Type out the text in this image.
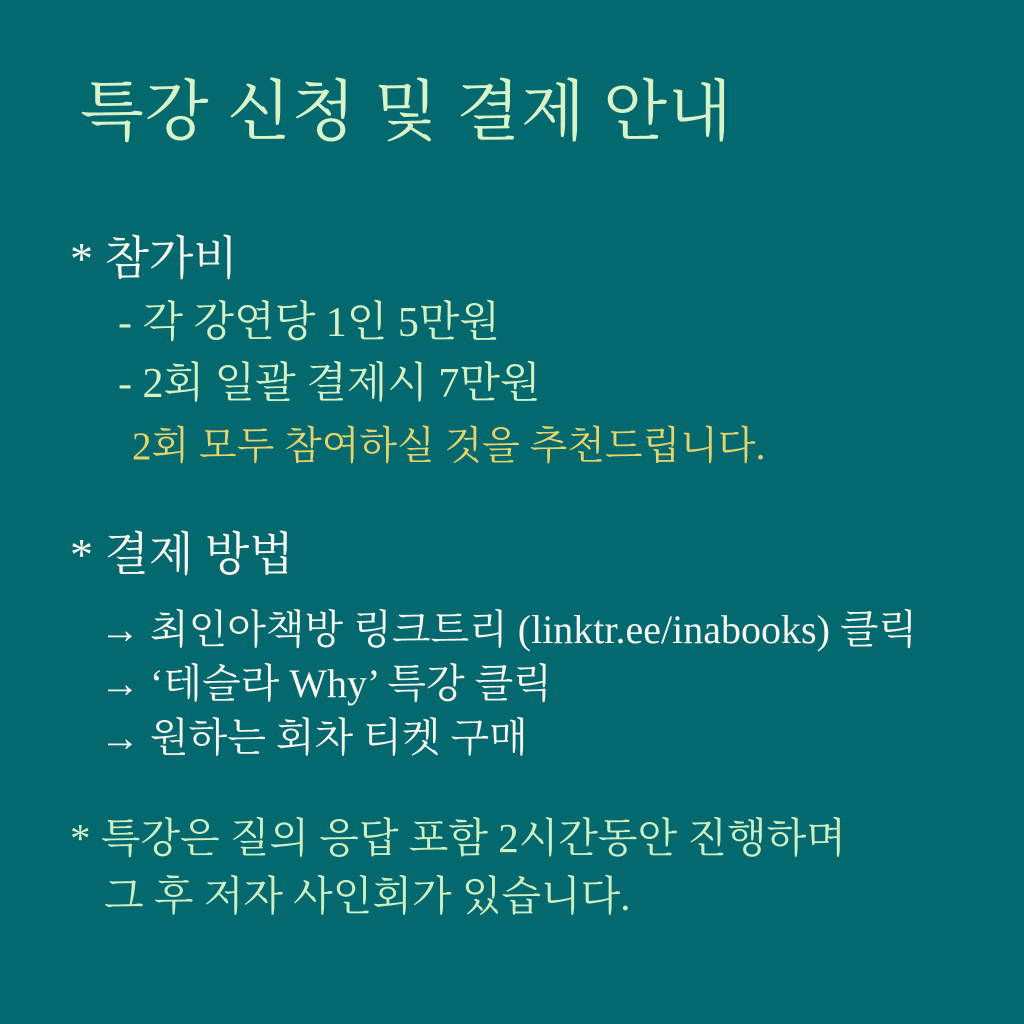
특강 신청 및 결제 안내
* 참가비
- 각 강연당 1인 5만원
- 2회 일괄 결제시 7만원
2회 모두 참여하실 것을 추천드립니다.
* 결제 방법
→ 최인아책방 링크트리 (linktr.ee/inabooks) 클릭
→ ‘테슬라 Why’ 특강 클릭
→ 원하는 회차 티켓 구매
* 특강은 질의 응답 포함 2시간동안 진행하며
그 후 저자 사인회가 있습니다.
